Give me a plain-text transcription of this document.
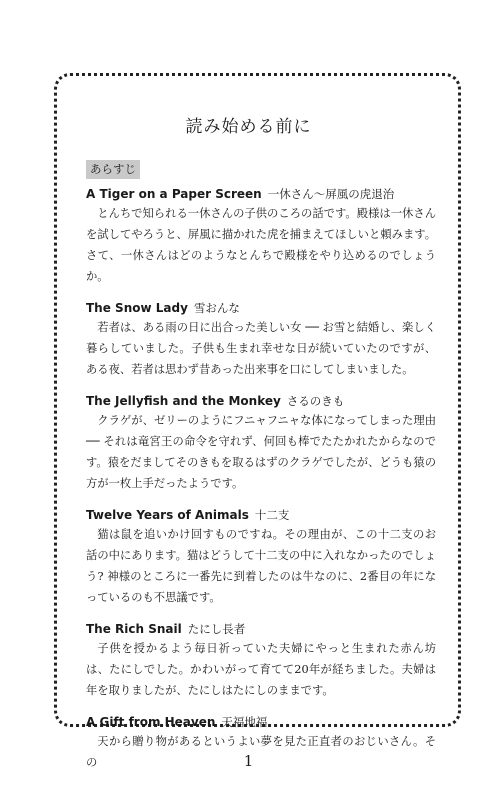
読み始める前に
あらすじ
A Tiger on a Paper Screen 一休さん〜屏風の虎退治

とんちで知られる一休さんの子供のころの話です。殿様は一休さんを試してやろうと、屏風に描かれた虎を捕まえてほしいと頼みます。さて、一休さんはどのようなとんちで殿様をやり込めるのでしょうか。

The Snow Lady 雪おんな

若者は、ある雨の日に出合った美しい女 ── お雪と結婚し、楽しく暮らしていました。子供も生まれ幸せな日が続いていたのですが、ある夜、若者は思わず昔あった出来事を口にしてしまいました。

The Jellyfish and the Monkey さるのきも

クラゲが、ゼリーのようにフニャフニャな体になってしまった理由 ── それは竜宮王の命令を守れず、何回も棒でたたかれたからなのです。猿をだましてそのきもを取るはずのクラゲでしたが、どうも猿の方が一枚上手だったようです。

Twelve Years of Animals 十二支

猫は鼠を追いかけ回すものですね。その理由が、この十二支のお話の中にあります。猫はどうして十二支の中に入れなかったのでしょう? 神様のところに一番先に到着したのは牛なのに、2番目の年になっているのも不思議です。

The Rich Snail たにし長者

子供を授かるよう毎日祈っていた夫婦にやっと生まれた赤ん坊は、たにしでした。かわいがって育てて20年が経ちました。夫婦は年を取りましたが、たにしはたにしのままです。

A Gift from Heaven 天福地福

天から贈り物があるというよい夢を見た正直者のおじいさん。その	1
